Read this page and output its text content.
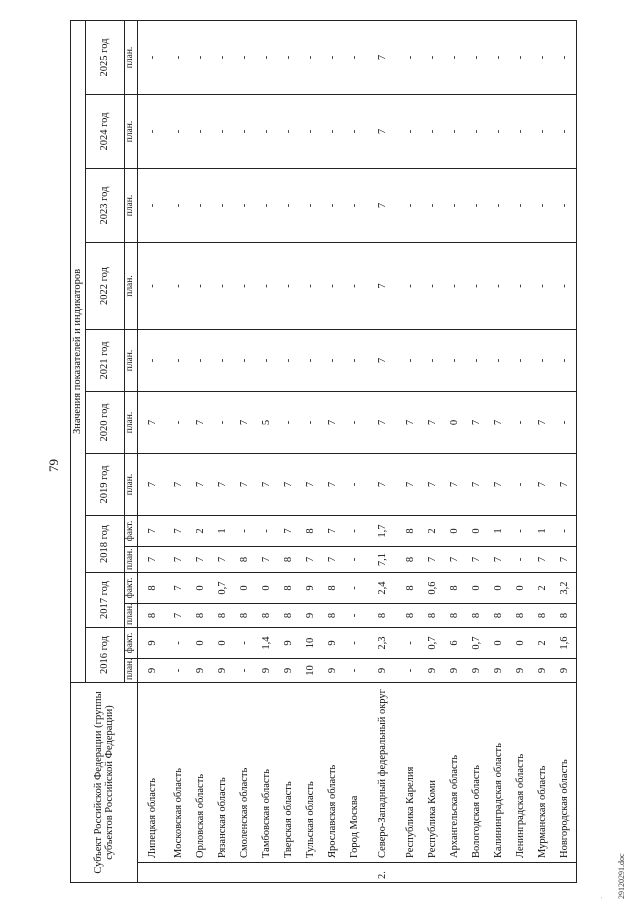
79
Субъект Российской Федерации (группы субъектов Российской Федерации)		Значения показателей и индикаторов												
		2016 год		2017 год		2018 год		2019 год	2020 год	2021 год	2022 год	2023 год	2024 год	2025 год
		план.	факт.	план.	факт.	план.	факт.	план.	план.	план.	план.	план.	план.	план.
	Липецкая область	9	9	8	8	7	7	7	7	-	-	-	-	-
	Московская область	-	-	7	7	7	7	7	-	-	-	-	-	-
	Орловская область	9	0	8	0	7	2	7	7	-	-	-	-	-
	Рязанская область	9	0	8	0,7	7	1	7	-	-	-	-	-	-
	Смоленская область	-	-	8	0	8	-	7	7	-	-	-	-	-
	Тамбовская область	9	1,4	8	0	7	-	7	5	-	-	-	-	-
	Тверская область	9	9	8	8	8	7	7	-	-	-	-	-	-
	Тульская область	10	10	9	9	7	8	7	-	-	-	-	-	-
	Ярославская область	9	9	8	8	7	7	7	7	-	-	-	-	-
	Город Москва	-	-	-	-	-	-	-	-	-	-	-	-	-
2.	Северо-Западный федеральный округ	9	2,3	8	2,4	7,1	1,7	7	7	7	7	7	7	7
	Республика Карелия	-	-	8	8	8	8	7	7	-	-	-	-	-
	Республика Коми	9	0,7	8	0,6	7	2	7	7	-	-	-	-	-
	Архангельская область	9	6	8	8	7	0	7	0	-	-	-	-	-
	Вологодская область	9	0,7	8	0	7	0	7	7	-	-	-	-	-
	Калининградская область	9	0	8	0	7	1	7	7	-	-	-	-	-
	Ленинградская область	9	0	8	0	-	-	-	-	-	-	-	-	-
	Мурманская область	9	2	8	2	7	1	7	7	-	-	-	-	-
	Новгородская область	9	1,6	8	3,2	7	-	7	-	-	-	-	-	-
· 29120291.doc
